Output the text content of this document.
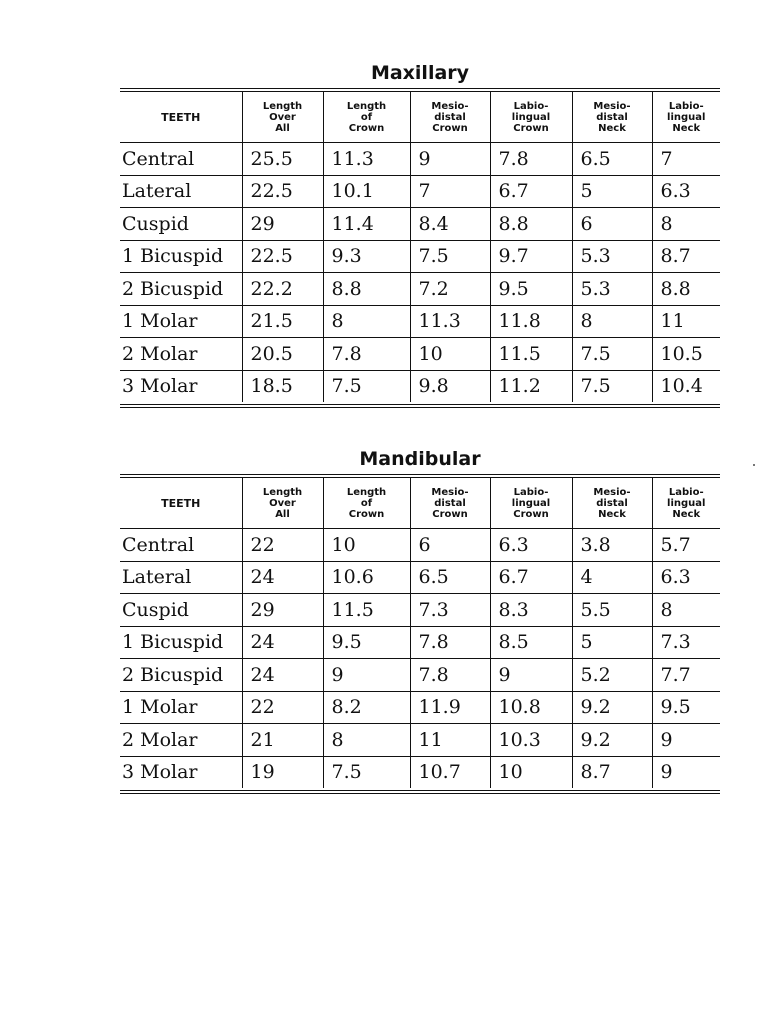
Maxillary
TEETH	Length
Over
All	Length
of
Crown	Mesio-
distal
Crown	Labio-
lingual
Crown	Mesio-
distal
Neck	Labio-
lingual
Neck
Central	25.5	11.3	9	7.8	6.5	7
Lateral	22.5	10.1	7	6.7	5	6.3
Cuspid	29	11.4	8.4	8.8	6	8
1 Bicuspid	22.5	9.3	7.5	9.7	5.3	8.7
2 Bicuspid	22.2	8.8	7.2	9.5	5.3	8.8
1 Molar	21.5	8	11.3	11.8	8	11
2 Molar	20.5	7.8	10	11.5	7.5	10.5
3 Molar	18.5	7.5	9.8	11.2	7.5	10.4
Mandibular
TEETH	Length
Over
All	Length
of
Crown	Mesio-
distal
Crown	Labio-
lingual
Crown	Mesio-
distal
Neck	Labio-
lingual
Neck
Central	22	10	6	6.3	3.8	5.7
Lateral	24	10.6	6.5	6.7	4	6.3
Cuspid	29	11.5	7.3	8.3	5.5	8
1 Bicuspid	24	9.5	7.8	8.5	5	7.3
2 Bicuspid	24	9	7.8	9	5.2	7.7
1 Molar	22	8.2	11.9	10.8	9.2	9.5
2 Molar	21	8	11	10.3	9.2	9
3 Molar	19	7.5	10.7	10	8.7	9
